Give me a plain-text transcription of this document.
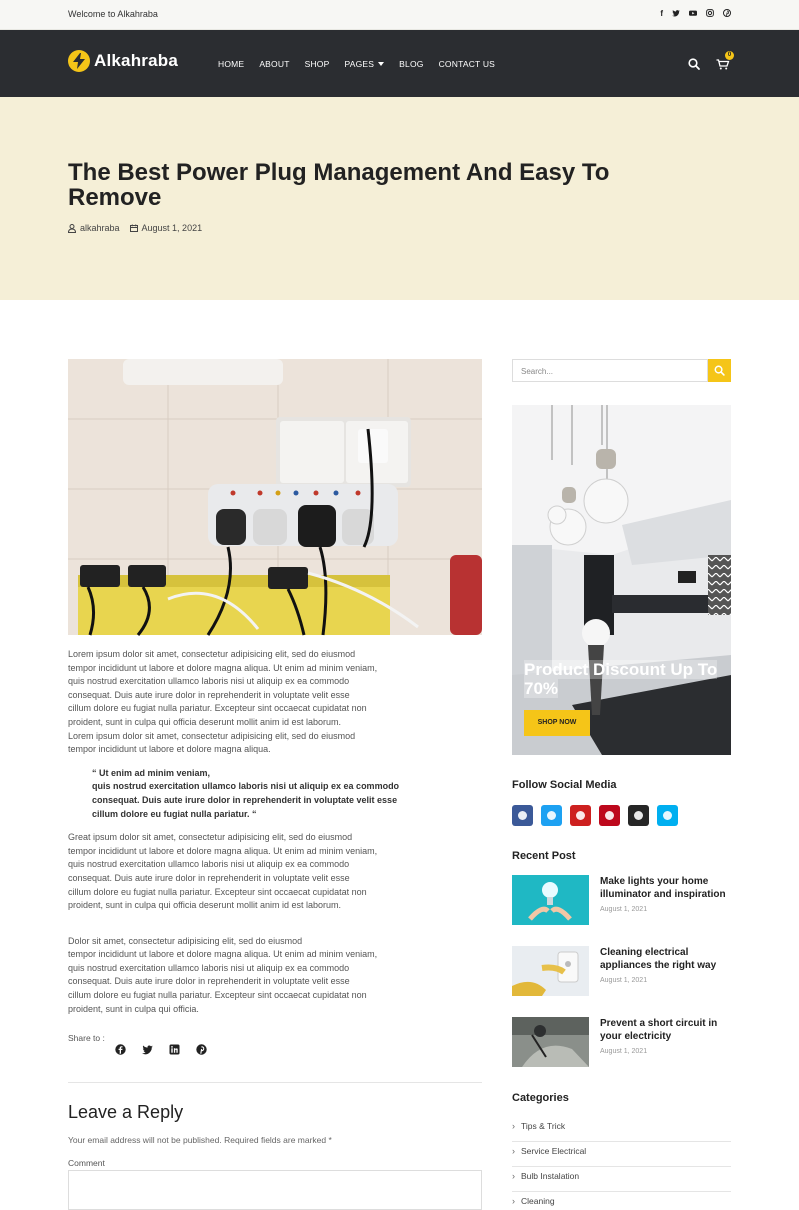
Welcome to Alkahraba	f
Alkahraba	HOME ABOUT SHOP PAGES	BLOG CONTACT US
0
The Best Power Plug Management And Easy To Remove
alkahraba August 1, 2021

Lorem ipsum dolor sit amet, consectetur adipisicing elit, sed do eiusmod
tempor incididunt ut labore et dolore magna aliqua. Ut enim ad minim veniam,
quis nostrud exercitation ullamco laboris nisi ut aliquip ex ea commodo
consequat. Duis aute irure dolor in reprehenderit in voluptate velit esse
cillum dolore eu fugiat nulla pariatur. Excepteur sint occaecat cupidatat non
proident, sunt in culpa qui officia deserunt mollit anim id est laborum.
Lorem ipsum dolor sit amet, consectetur adipisicing elit, sed do eiusmod
tempor incididunt ut labore et dolore magna aliqua.

“ Ut enim ad minim veniam,
quis nostrud exercitation ullamco laboris nisi ut aliquip ex ea commodo
consequat. Duis aute irure dolor in reprehenderit in voluptate velit esse
cillum dolore eu fugiat nulla pariatur. “

Great ipsum dolor sit amet, consectetur adipisicing elit, sed do eiusmod
tempor incididunt ut labore et dolore magna aliqua. Ut enim ad minim veniam,
quis nostrud exercitation ullamco laboris nisi ut aliquip ex ea commodo
consequat. Duis aute irure dolor in reprehenderit in voluptate velit esse
cillum dolore eu fugiat nulla pariatur. Excepteur sint occaecat cupidatat non
proident, sunt in culpa qui officia deserunt mollit anim id est laborum.

Dolor sit amet, consectetur adipisicing elit, sed do eiusmod
tempor incididunt ut labore et dolore magna aliqua. Ut enim ad minim veniam,
quis nostrud exercitation ullamco laboris nisi ut aliquip ex ea commodo
consequat. Duis aute irure dolor in reprehenderit in voluptate velit esse
cillum dolore eu fugiat nulla pariatur. Excepteur sint occaecat cupidatat non
proident, sunt in culpa qui officia.

Share to :
Leave a Reply
Your email address will not be published. Required fields are marked *
Comment
Search...
Product Discount Up To 70%
SHOP NOW
Follow Social Media
Recent Post
Make lights your home illuminator and inspiration
August 1, 2021
Cleaning electrical appliances the right way
August 1, 2021
Prevent a short circuit in your electricity
August 1, 2021
Categories
› Tips & Trick
› Service Electrical
› Bulb Instalation
› Cleaning
